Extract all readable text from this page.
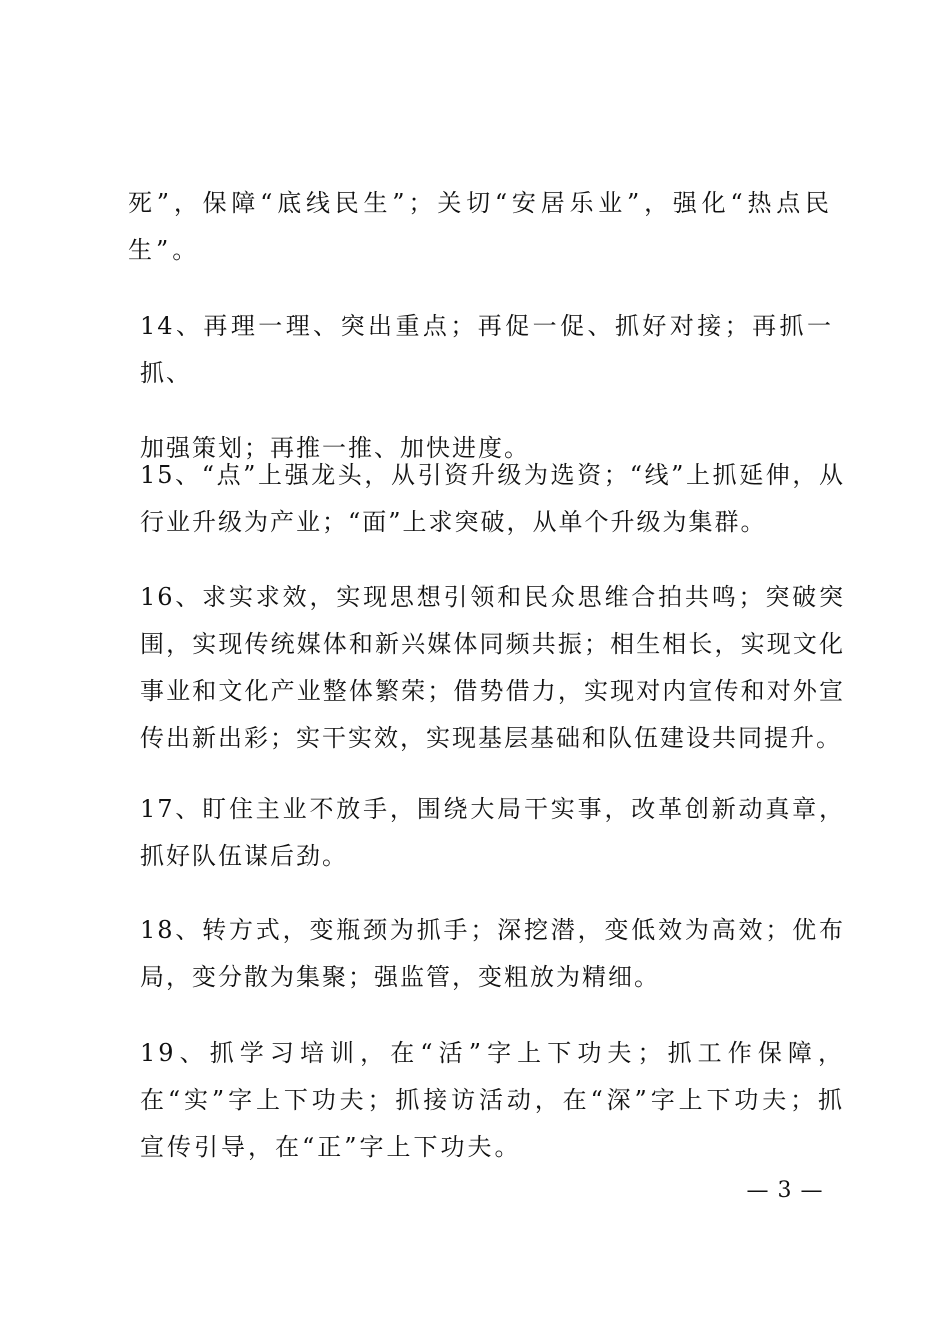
死”，保障“底线民生”；关切“安居乐业”，强化“热点民生”。
14、再理一理、突出重点；再促一促、抓好对接；再抓一抓、
加强策划；再推一推、加快进度。
15、“点”上强龙头，从引资升级为选资；“线”上抓延伸，从行业升级为产业；“面”上求突破，从单个升级为集群。
16、求实求效，实现思想引领和民众思维合拍共鸣；突破突围，实现传统媒体和新兴媒体同频共振；相生相长，实现文化事业和文化产业整体繁荣；借势借力，实现对内宣传和对外宣传出新出彩；实干实效，实现基层基础和队伍建设共同提升。
17、盯住主业不放手，围绕大局干实事，改革创新动真章，抓好队伍谋后劲。
18、转方式，变瓶颈为抓手；深挖潜，变低效为高效；优布局，变分散为集聚；强监管，变粗放为精细。
19、抓学习培训，在“活”字上下功夫；抓工作保障，在“实”字上下功夫；抓接访活动，在“深”字上下功夫；抓宣传引导，在“正”字上下功夫。
— 3 —
